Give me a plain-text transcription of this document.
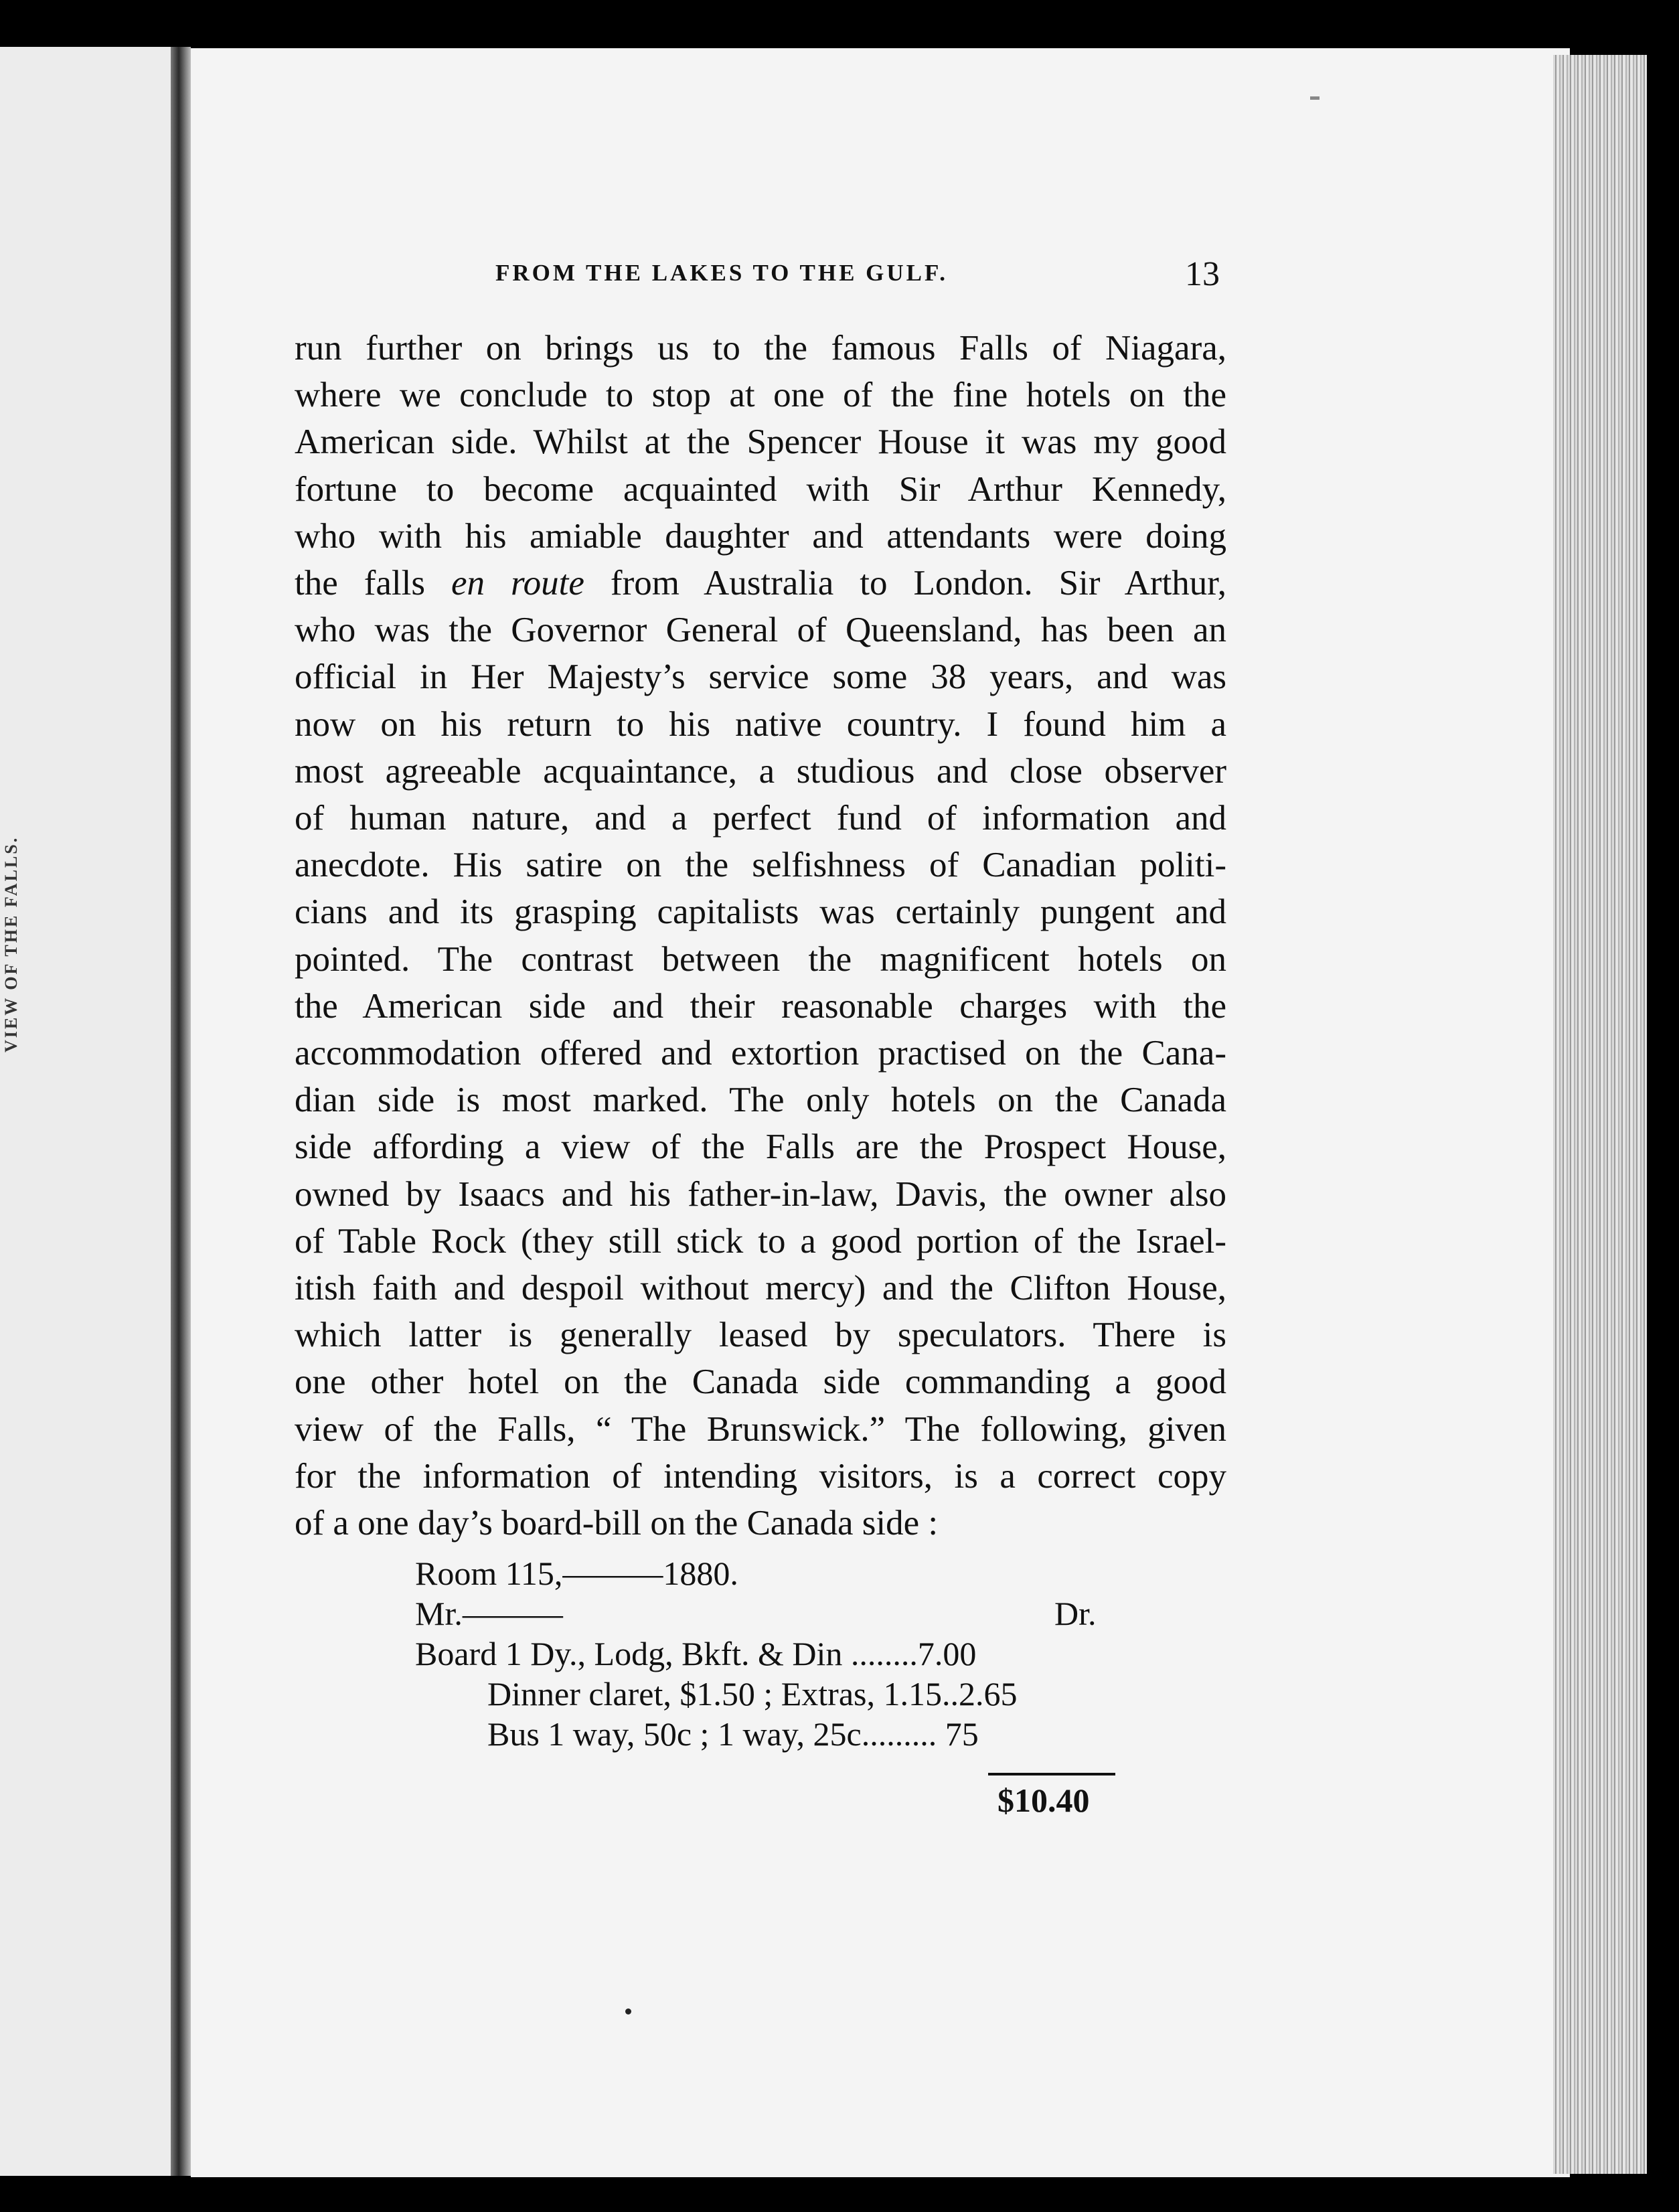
VIEW OF THE FALLS.
FROM THE LAKES TO THE GULF.	13
run further on brings us to the famous Falls of Niagara,
where we conclude to stop at one of the fine hotels on the
American side. Whilst at the Spencer House it was my good
fortune to become acquainted with Sir Arthur Kennedy,
who with his amiable daughter and attendants were doing
the falls en route from Australia to London. Sir Arthur,
who was the Governor General of Queensland, has been an
official in Her Majesty’s service some 38 years, and was
now on his return to his native country. I found him a
most agreeable acquaintance, a studious and close observer
of human nature, and a perfect fund of information and
anecdote. His satire on the selfishness of Canadian politi-
cians and its grasping capitalists was certainly pungent and
pointed. The contrast between the magnificent hotels on
the American side and their reasonable charges with the
accommodation offered and extortion practised on the Cana-
dian side is most marked. The only hotels on the Canada
side affording a view of the Falls are the Prospect House,
owned by Isaacs and his father-in-law, Davis, the owner also
of Table Rock (they still stick to a good portion of the Israel-
itish faith and despoil without mercy) and the Clifton House,
which latter is generally leased by speculators. There is
one other hotel on the Canada side commanding a good
view of the Falls, “ The Brunswick.” The following, given
for the information of intending visitors, is a correct copy
of a one day’s board-bill on the Canada side :
Room 115,———1880.
Mr.———	Dr.
Board 1 Dy., Lodg, Bkft. & Din ........7.00
Dinner claret, $1.50 ; Extras, 1.15..2.65
Bus 1 way, 50c ; 1 way, 25c......... 75
$10.40
